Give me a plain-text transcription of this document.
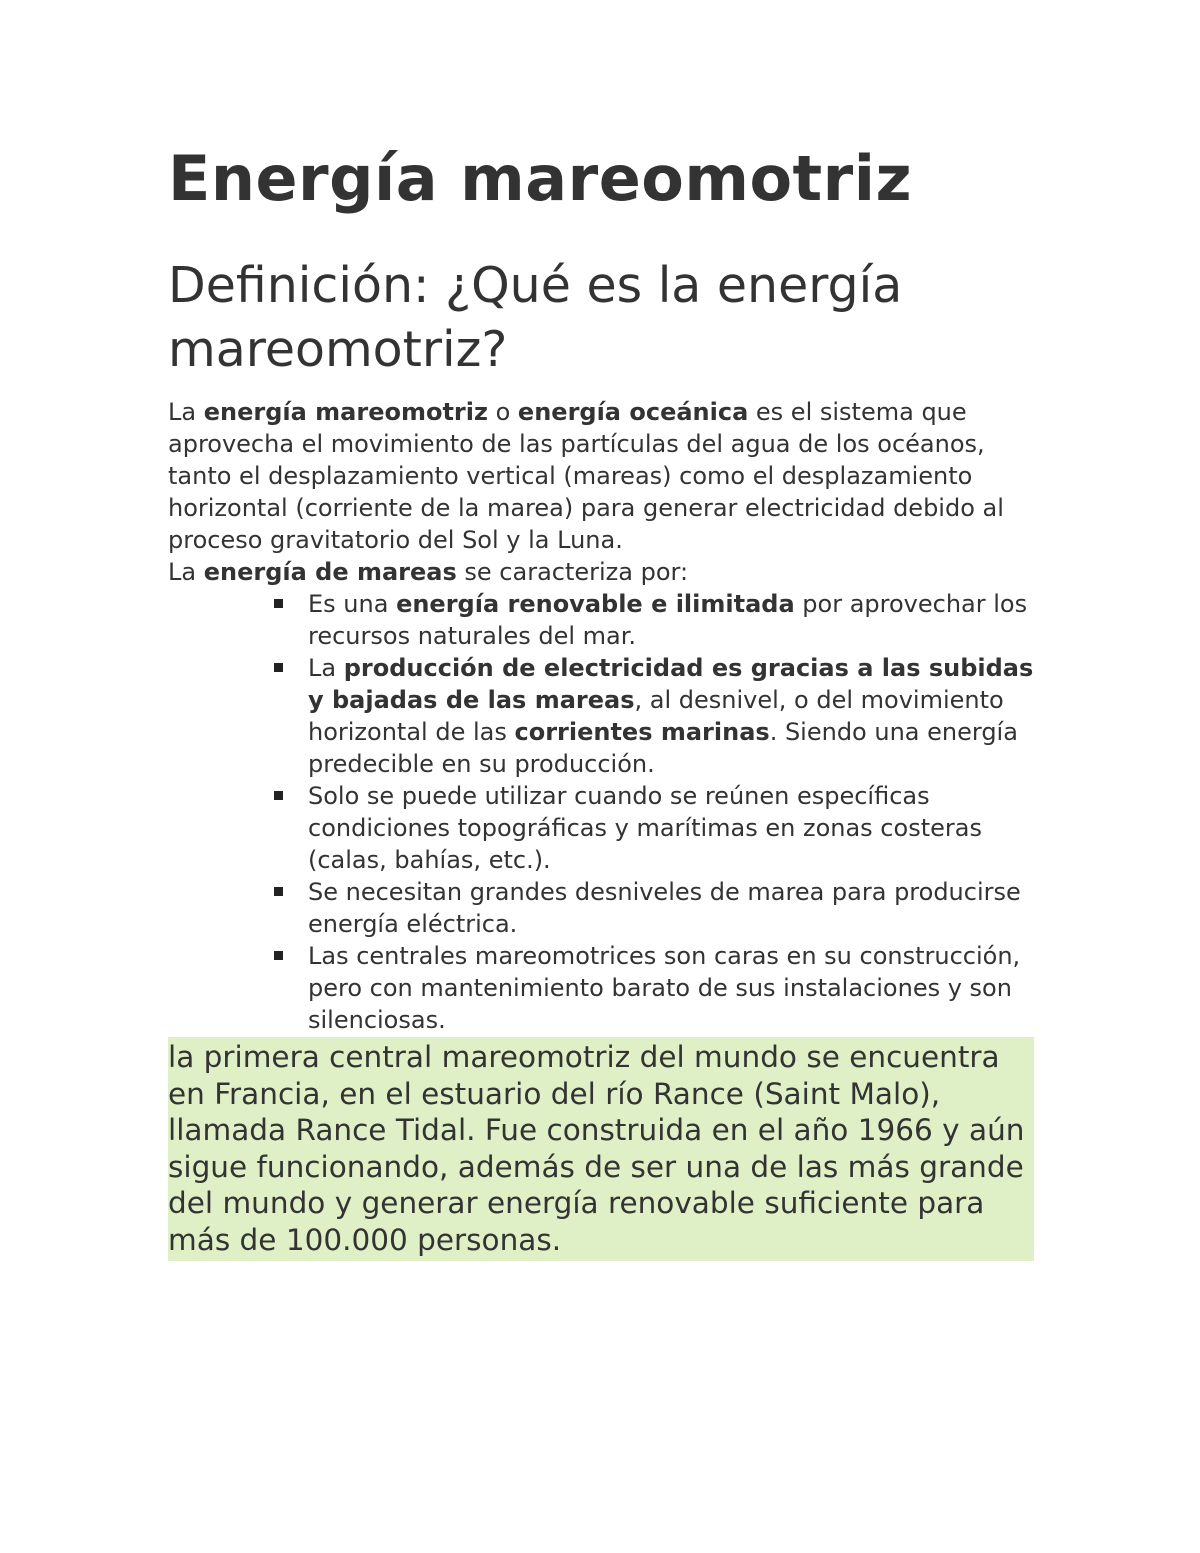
Energía mareomotriz
Definición: ¿Qué es la energía mareomotriz?

La energía mareomotriz o energía oceánica es el sistema que aprovecha el movimiento de las partículas del agua de los océanos, tanto el desplazamiento vertical (mareas) como el desplazamiento horizontal (corriente de la marea) para generar electricidad debido al proceso gravitatorio del Sol y la Luna.

La energía de mareas se caracteriza por:

Es una energía renovable e ilimitada por aprovechar los recursos naturales del mar.
La producción de electricidad es gracias a las subidas y bajadas de las mareas, al desnivel, o del movimiento horizontal de las corrientes marinas. Siendo una energía predecible en su producción.
Solo se puede utilizar cuando se reúnen específicas condiciones topográficas y marítimas en zonas costeras (calas, bahías, etc.).
Se necesitan grandes desniveles de marea para producirse energía eléctrica.
Las centrales mareomotrices son caras en su construcción, pero con mantenimiento barato de sus instalaciones y son silenciosas.
la primera central mareomotriz del mundo se encuentra en Francia, en el estuario del río Rance (Saint Malo), llamada Rance Tidal. Fue construida en el año 1966 y aún sigue funcionando, además de ser una de las más grande del mundo y generar energía renovable suficiente para más de 100.000 personas.
